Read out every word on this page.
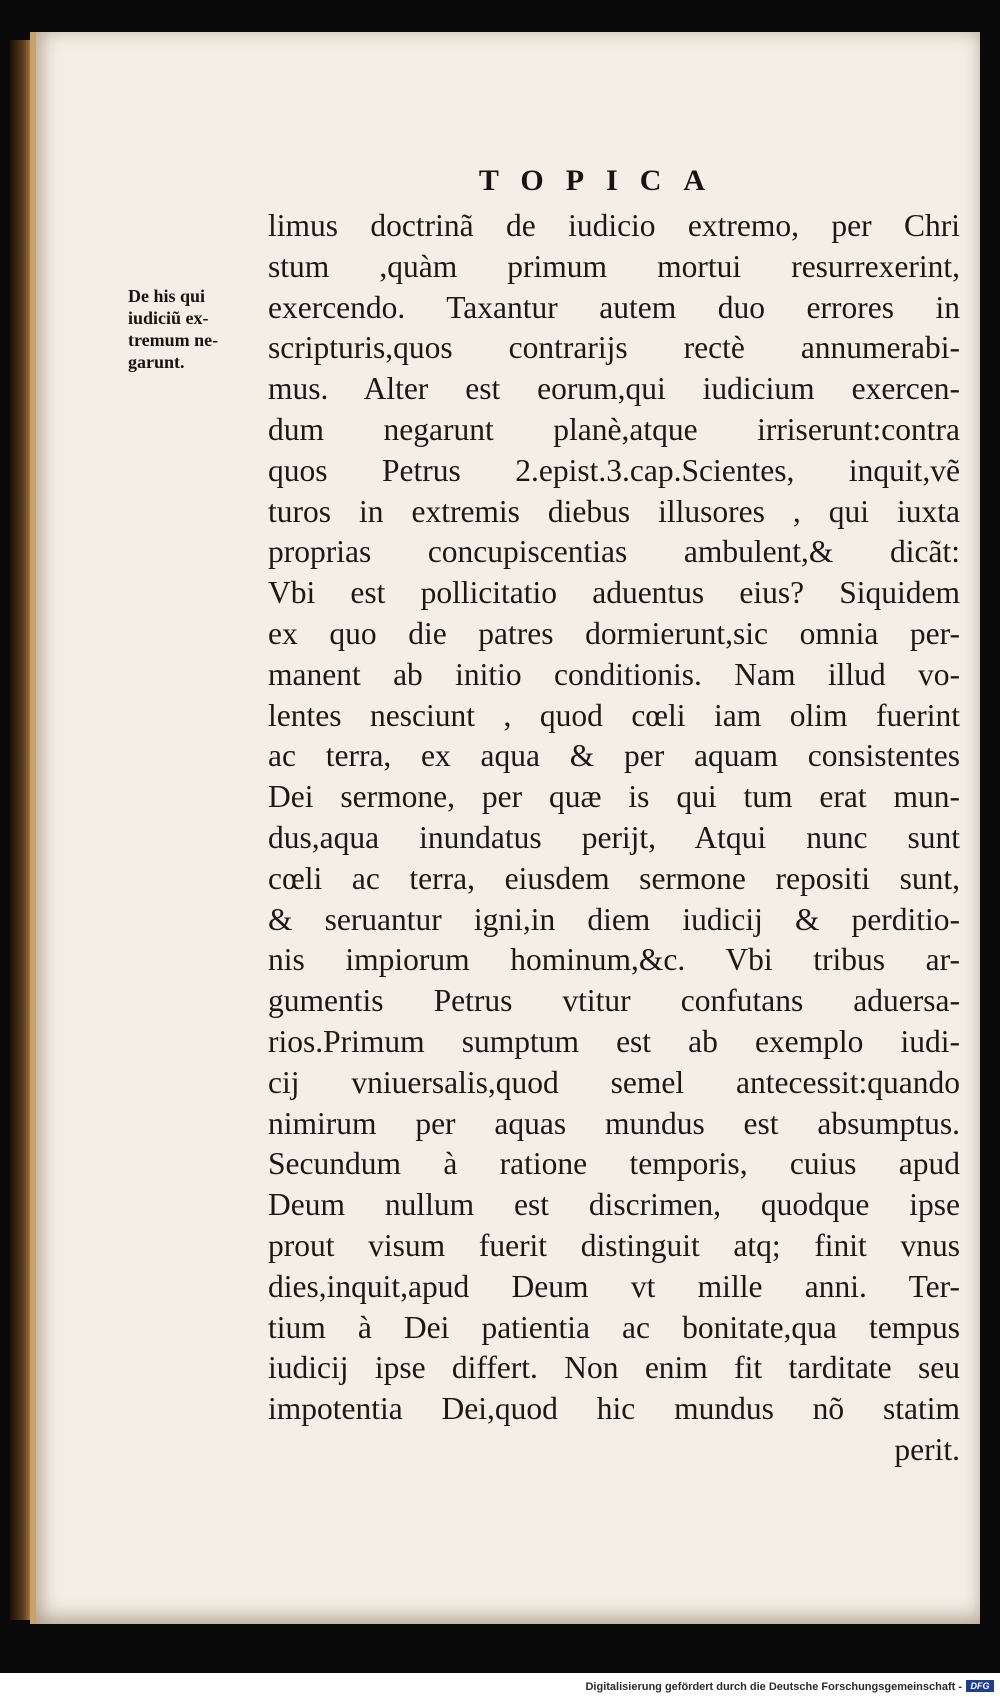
TOPICA
De his qui
iudiciũ ex-
tremum ne-
garunt.
limus doctrinã de iudicio extremo, per Chri
stum ,quàm primum mortui resurrexerint,
exercendo. Taxantur autem duo errores in
scripturis,quos contrarijs rectè annumerabi-
mus. Alter est eorum,qui iudicium exercen-
dum negarunt planè,atque irriserunt:contra
quos Petrus 2.epist.3.cap.Scientes, inquit,vẽ
turos in extremis diebus illusores , qui iuxta
proprias concupiscentias ambulent,& dicãt:
Vbi est pollicitatio aduentus eius? Siquidem
ex quo die patres dormierunt,sic omnia per-
manent ab initio conditionis. Nam illud vo-
lentes nesciunt , quod cœli iam olim fuerint
ac terra, ex aqua & per aquam consistentes
Dei sermone, per quæ is qui tum erat mun-
dus,aqua inundatus perijt, Atqui nunc sunt
cœli ac terra, eiusdem sermone repositi sunt,
& seruantur igni,in diem iudicij & perditio-
nis impiorum hominum,&c. Vbi tribus ar-
gumentis Petrus vtitur confutans aduersa-
rios.Primum sumptum est ab exemplo iudi-
cij vniuersalis,quod semel antecessit:quando
nimirum per aquas mundus est absumptus.
Secundum à ratione temporis, cuius apud
Deum nullum est discrimen, quodque ipse
prout visum fuerit distinguit atq; finit vnus
dies,inquit,apud Deum vt mille anni. Ter-
tium à Dei patientia ac bonitate,qua tempus
iudicij ipse differt. Non enim fit tarditate seu
impotentia Dei,quod hic mundus nõ statim
perit.
Digitalisierung gefördert durch die Deutsche Forschungsgemeinschaft - DFG
